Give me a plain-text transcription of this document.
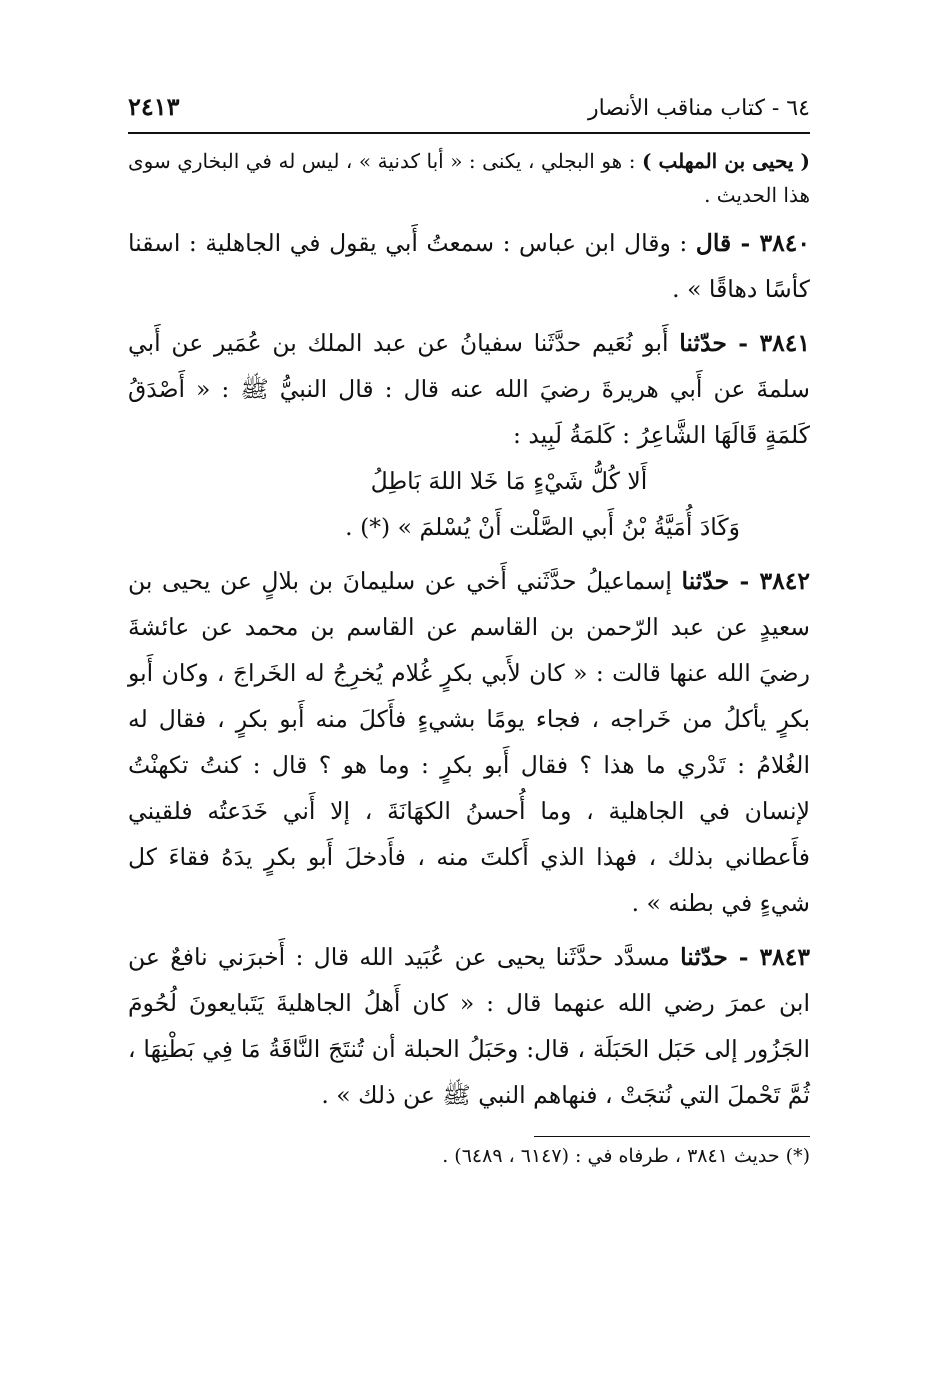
٦٤ - كتاب مناقب الأنصار
٢٤١٣
( يحيى بن المهلب ) : هو البجلي ، يكنى : « أبا كدنية » ، ليس له في البخاري سوى هذا الحديث .

٣٨٤٠ - قال : وقال ابن عباس : سمعتُ أَبي يقول في الجاهلية : اسقنا كأسًا دهاقًا » .

٣٨٤١ - حدّثنا أَبو نُعَيم حدَّثَنا سفيانُ عن عبد الملك بن عُمَير عن أَبي سلمةَ عن أَبي هريرةَ رضيَ الله عنه قال : قال النبيُّ ﷺ : « أَصْدَقُ كَلمَةٍ قَالَهَا الشَّاعِرُ : كَلمَةُ لَبِيد :

أَلا كُلُّ شَيْءٍ مَا خَلا اللهَ بَاطِلُ
وَكَادَ أُمَيَّةُ بْنُ أَبي الصَّلْت أَنْ يُسْلمَ » (*) .

٣٨٤٢ - حدّثنا إسماعيلُ حدَّثَني أَخي عن سليمانَ بن بلالٍ عن يحيى بن سعيدٍ عن عبد الرّحمن بن القاسم عن القاسم بن محمد عن عائشةَ رضيَ الله عنها قالت : « كان لأَبي بكرٍ غُلام يُخرِجُ له الخَراجَ ، وكان أَبو بكرٍ يأكلُ من خَراجه ، فجاء يومًا بشيءٍ فأَكلَ منه أَبو بكرٍ ، فقال له الغُلامُ : تَدْري ما هذا ؟ فقال أَبو بكرٍ : وما هو ؟ قال : كنتُ تكهنْتُ لإنسان في الجاهلية ، وما أُحسنُ الكهَانَةَ ، إلا أَني خَدَعتُه فلقيني فأَعطاني بذلك ، فهذا الذي أَكلتَ منه ، فأَدخلَ أَبو بكرٍ يدَهُ فقاءَ كل شيءٍ في بطنه » .

٣٨٤٣ - حدّثنا مسدَّد حدَّثَنا يحيى عن عُبَيد الله قال : أَخبرَني نافعٌ عن ابن عمرَ رضي الله عنهما قال : « كان أَهلُ الجاهليةَ يَتَبايعونَ لُحُومَ الجَزُور إلى حَبَل الحَبَلَة ، قال: وحَبَلُ الحبلة أن تُنتَجَ النَّاقَةُ مَا فِي بَطْنِهَا ، ثُمَّ تَحْملَ التي نُتجَتْ ، فنهاهم النبي ﷺ عن ذلك » .

(*) حديث ٣٨٤١ ، طرفاه في : (٦١٤٧ ، ٦٤٨٩) .
